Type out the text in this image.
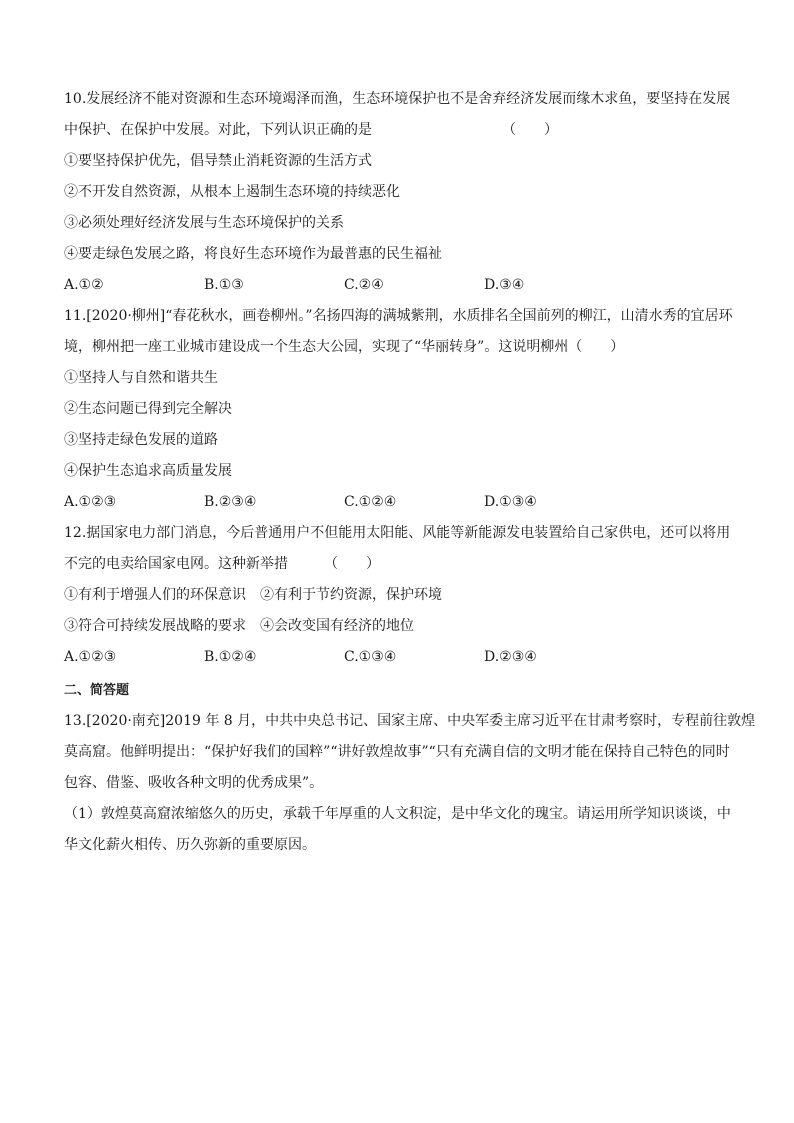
10.发展经济不能对资源和生态环境竭泽而渔，生态环境保护也不是舍弃经济发展而缘木求鱼，要坚持在发展

中保护、在保护中发展。对此，下列认识正确的是	（　　）

①要坚持保护优先，倡导禁止消耗资源的生活方式

②不开发自然资源，从根本上遏制生态环境的持续恶化

③必须处理好经济发展与生态环境保护的关系

④要走绿色发展之路，将良好生态环境作为最普惠的民生福祉

A.①②	B.①③	C.②④	D.③④

11.[2020·柳州]“春花秋水，画卷柳州。”名扬四海的满城紫荆，水质排名全国前列的柳江，山清水秀的宜居环

境，柳州把一座工业城市建设成一个生态大公园，实现了“华丽转身”。这说明柳州（　　）

①坚持人与自然和谐共生

②生态问题已得到完全解决

③坚持走绿色发展的道路

④保护生态追求高质量发展

A.①②③	B.②③④	C.①②④	D.①③④

12.据国家电力部门消息，今后普通用户不但能用太阳能、风能等新能源发电装置给自己家供电，还可以将用

不完的电卖给国家电网。这种新举措	（　　）

①有利于增强人们的环保意识　②有利于节约资源，保护环境

③符合可持续发展战略的要求　④会改变国有经济的地位

A.①②③	B.①②④	C.①③④	D.②③④

二、简答题

13.[2020·南充]2019 年 8 月，中共中央总书记、国家主席、中央军委主席习近平在甘肃考察时，专程前往敦煌

莫高窟。他鲜明提出：“保护好我们的国粹”“讲好敦煌故事”“只有充满自信的文明才能在保持自己特色的同时

包容、借鉴、吸收各种文明的优秀成果”。

（1）敦煌莫高窟浓缩悠久的历史，承载千年厚重的人文积淀，是中华文化的瑰宝。请运用所学知识谈谈，中

华文化薪火相传、历久弥新的重要原因。
